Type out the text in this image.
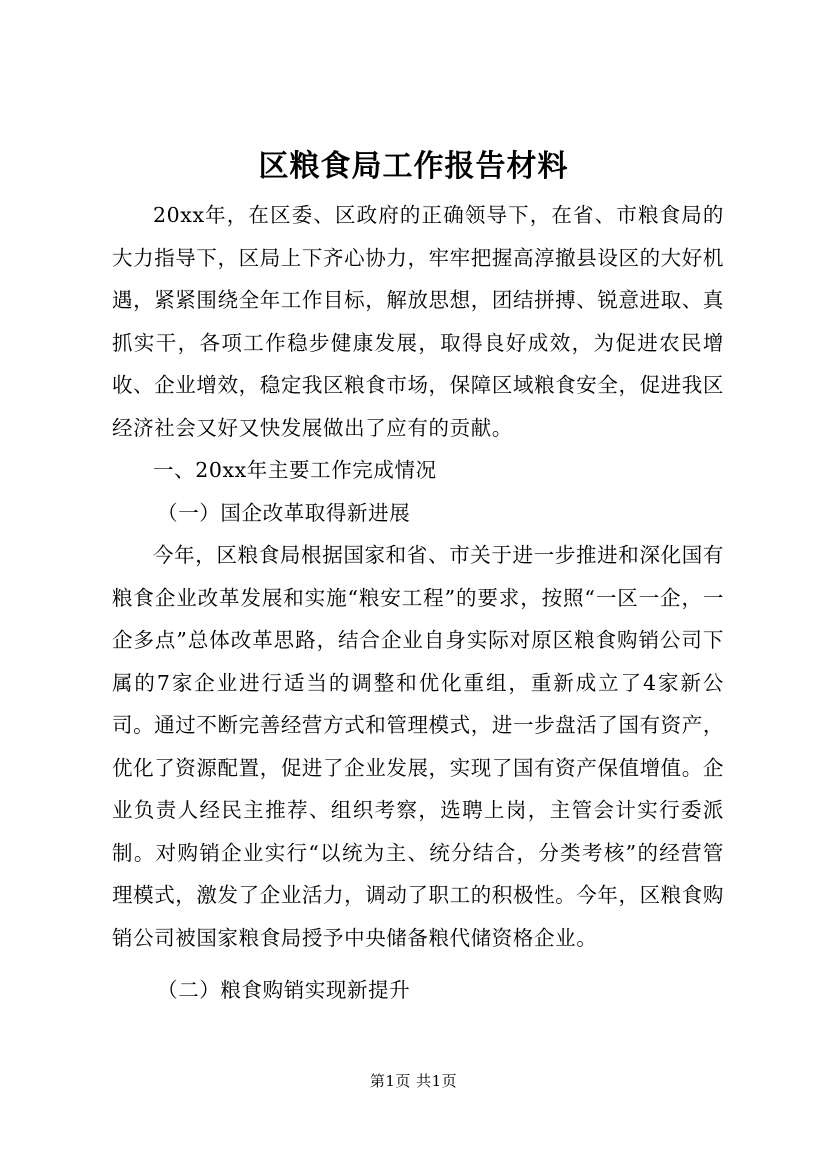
区粮食局工作报告材料

20xx年，在区委、区政府的正确领导下，在省、市粮食局的大力指导下，区局上下齐心协力，牢牢把握高淳撤县设区的大好机遇，紧紧围绕全年工作目标，解放思想，团结拼搏、锐意进取、真抓实干，各项工作稳步健康发展，取得良好成效，为促进农民增收、企业增效，稳定我区粮食市场，保障区域粮食安全，促进我区经济社会又好又快发展做出了应有的贡献。

一、20xx年主要工作完成情况

（一）国企改革取得新进展

今年，区粮食局根据国家和省、市关于进一步推进和深化国有粮食企业改革发展和实施“粮安工程”的要求，按照“一区一企，一企多点”总体改革思路，结合企业自身实际对原区粮食购销公司下属的7家企业进行适当的调整和优化重组，重新成立了4家新公司。通过不断完善经营方式和管理模式，进一步盘活了国有资产，优化了资源配置，促进了企业发展，实现了国有资产保值增值。企业负责人经民主推荐、组织考察，选聘上岗，主管会计实行委派制。对购销企业实行“以统为主、统分结合，分类考核”的经营管理模式，激发了企业活力，调动了职工的积极性。今年，区粮食购销公司被国家粮食局授予中央储备粮代储资格企业。

（二）粮食购销实现新提升

第1页 共1页
